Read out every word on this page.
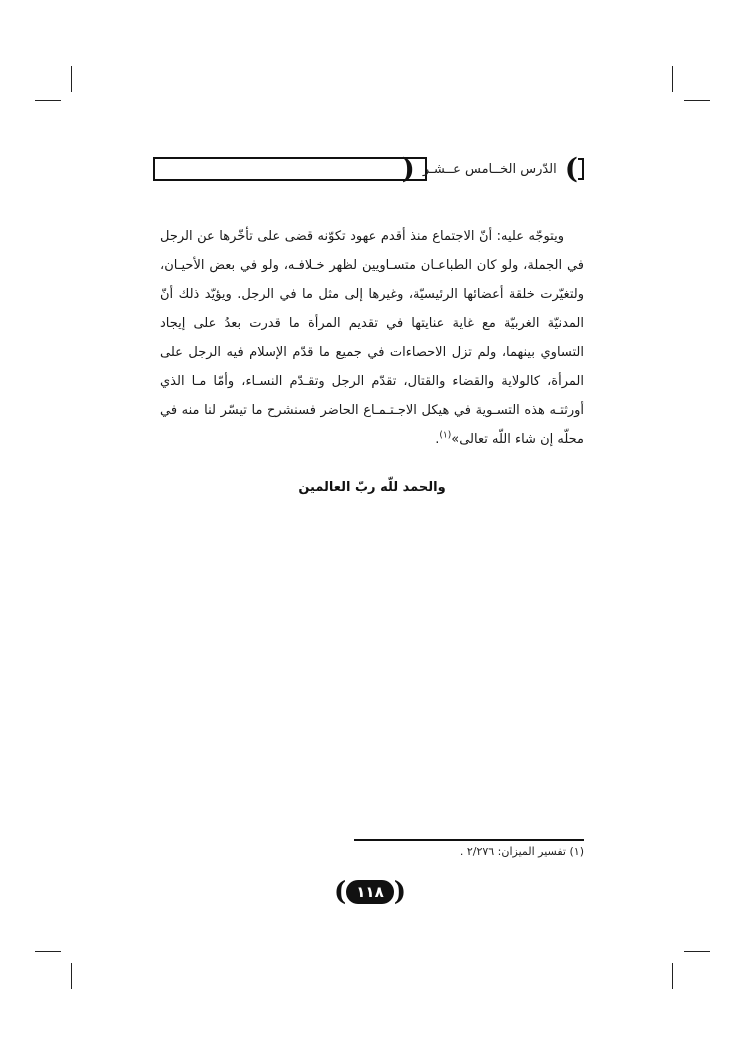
(
الدّرس الخــامس عــشـر
)

ويتوجّه عليه: أنّ الاجتماع منذ أقدم عهود تكوّنه قضى على تأخّرها عن الرجل في الجملة، ولو كان الطباعـان متسـاويين لظهر خـلافـه، ولو في بعض الأحيـان، ولتغيّرت خلقة أعضائها الرئيسيّة، وغيرها إلى مثل ما في الرجل. ويؤيّد ذلك أنّ المدنيّة الغربيّة مع غاية عنايتها في تقديم المرأة ما قدرت بعدُ على إيجاد التساوي بينهما، ولم تزل الاحصاءات في جميع ما قدّم الإسلام فيه الرجل على المرأة، كالولاية والقضاء والقتال، تقدّم الرجل وتقـدّم النسـاء، وأمّا مـا الذي أورثتـه هذه التسـوية في هيكل الاجـتـمـاع الحاضر فسنشرح ما تيسّر لنا منه في محلّه إن شاء اللّه تعالى»$^{(١)}$.

والحمد للّه ربّ العالمين
(١) تفسير الميزان: ٢/٢٧٦ .
( ١١٨ )
